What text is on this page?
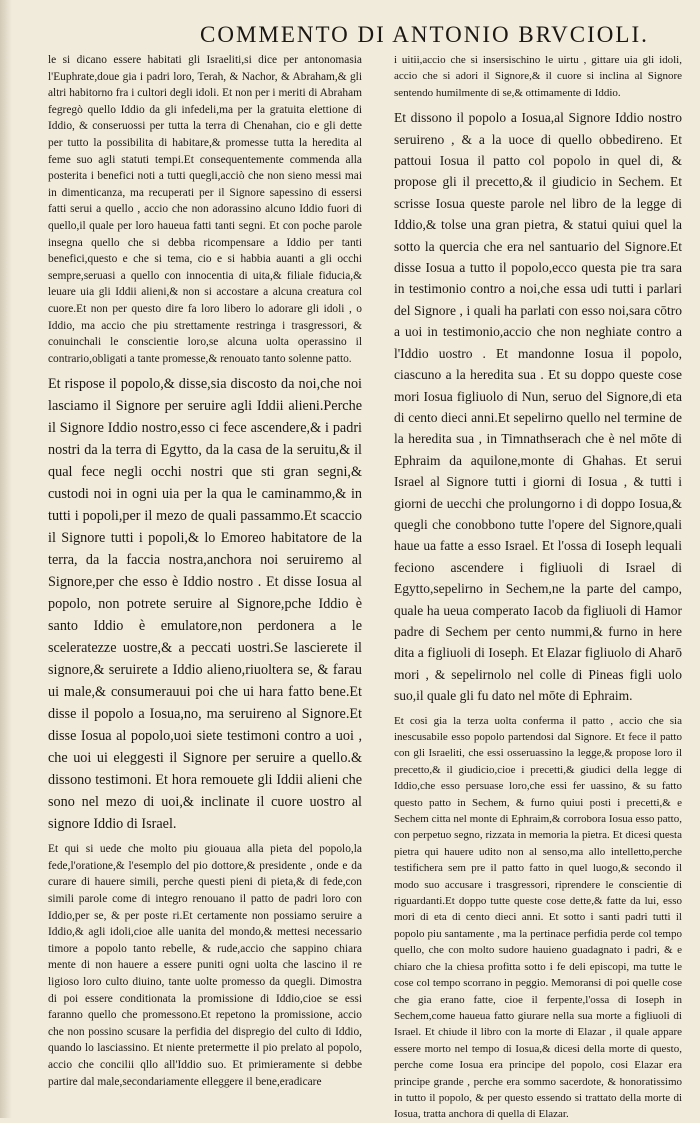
COMMENTO DI ANTONIO BRVCIOLI.

le si dicano essere habitati gli Israeliti,si dice per antonomasia l'Euphrate,doue gia i padri loro, Terah, & Nachor, & Abraham,& gli altri habitorno fra i cultori degli idoli. Et non per i meriti di Abraham fegregò quello Iddio da gli infedeli,ma per la gratuita elettione di Iddio, & conseruossi per tutta la terra di Chenahan, cio e gli dette per tutto la possibilita di habitare,& promesse tutta la heredita al feme suo agli statuti tempi.Et consequentemente commenda alla posterita i benefici noti a tutti quegli,acciò che non sieno messi mai in dimenticanza, ma recuperati per il Signore sapessino di essersi fatti serui a quello , accio che non adorassino alcuno Iddio fuori di quello,il quale per loro haueua fatti tanti segni. Et con poche parole insegna quello che si debba ricompensare a Iddio per tanti benefici,questo e che si tema, cio e si habbia auanti a gli occhi sempre,seruasi a quello con innocentia di uita,& filiale fiducia,& leuare uia gli Iddii alieni,& non si accostare a alcuna creatura col cuore.Et non per questo dire fa loro libero lo adorare gli idoli , o Iddio, ma accio che piu strettamente restringa i trasgressori, & conuinchali le conscientie loro,se alcuna uolta operassino il contrario,obligati a tante promesse,& renouato tanto solenne patto.

Et rispose il popolo,& disse,sia discosto da noi,che noi lasciamo il Signore per seruire agli Iddii alieni.Perche il Signore Iddio nostro,esso ci fece ascendere,& i padri nostri da la terra di Egytto, da la casa de la seruitu,& il qual fece negli occhi nostri que sti gran segni,& custodi noi in ogni uia per la qua le caminammo,& in tutti i popoli,per il mezo de quali passammo.Et scaccio il Signore tutti i popoli,& lo Emoreo habitatore de la terra, da la faccia nostra,anchora noi seruiremo al Signore,per che esso è Iddio nostro . Et disse Iosua al popolo, non potrete seruire al Signore,pche Iddio è santo Iddio è emulatore,non perdonera a le sceleratezze uostre,& a peccati uostri.Se lascierete il signore,& seruirete a Iddio alieno,riuoltera se, & farau ui male,& consumerauui poi che ui hara fatto bene.Et disse il popolo a Iosua,no, ma seruireno al Signore.Et disse Iosua al popolo,uoi siete testimoni contro a uoi , che uoi ui eleggesti il Signore per seruire a quello.& dissono testimoni. Et hora remouete gli Iddii alieni che sono nel mezo di uoi,& inclinate il cuore uostro al signore Iddio di Israel.

Et qui si uede che molto piu giouaua alla pieta del popolo,la fede,l'oratione,& l'esemplo del pio dottore,& presidente , onde e da curare di hauere simili, perche questi pieni di pieta,& di fede,con simili parole come di integro renouano il patto de padri loro con Iddio,per se, & per poste ri.Et certamente non possiamo seruire a Iddio,& agli idoli,cioe alle uanita del mondo,& mettesi necessario timore a popolo tanto rebelle, & rude,accio che sappino chiara mente di non hauere a essere puniti ogni uolta che lascino il re ligioso loro culto diuino, tante uolte promesso da quegli. Dimostra di poi essere conditionata la promissione di Iddio,cioe se essi faranno quello che promessono.Et repetono la promissione, accio che non possino scusare la perfidia del dispregio del culto di Iddio, quando lo lasciassino. Et niente pretermette il pio prelato al popolo, accio che concilii qllo all'Iddio suo. Et primieramente si debbe partire dal male,secondariamente elleggere il bene,eradicare

i uitii,accio che si insersischino le uirtu , gittare uia gli idoli, accio che si adori il Signore,& il cuore si inclina al Signore sentendo humilmente di se,& ottimamente di Iddio.

Et dissono il popolo a Iosua,al Signore Iddio nostro seruireno , & a la uoce di quello obbedireno. Et pattoui Iosua il patto col popolo in quel di, & propose gli il precetto,& il giudicio in Sechem. Et scrisse Iosua queste parole nel libro de la legge di Iddio,& tolse una gran pietra, & statui quiui quel la sotto la quercia che era nel santuario del Signore.Et disse Iosua a tutto il popolo,ecco questa pie tra sara in testimonio contro a noi,che essa udi tutti i parlari del Signore , i quali ha parlati con esso noi,sara cōtro a uoi in testimonio,accio che non neghiate contro a l'Iddio uostro . Et mandonne Iosua il popolo, ciascuno a la heredita sua . Et su doppo queste cose mori Iosua figliuolo di Nun, seruo del Signore,di eta di cento dieci anni.Et sepelirno quello nel termine de la heredita sua , in Timnathserach che è nel mōte di Ephraim da aquilone,monte di Ghahas. Et serui Israel al Signore tutti i giorni di Iosua , & tutti i giorni de uecchi che prolungorno i di doppo Iosua,& quegli che conobbono tutte l'opere del Signore,quali haue ua fatte a esso Israel. Et l'ossa di Ioseph lequali feciono ascendere i figliuoli di Israel di Egytto,sepelirno in Sechem,ne la parte del campo, quale ha ueua comperato Iacob da figliuoli di Hamor padre di Sechem per cento nummi,& furno in here dita a figliuoli di Ioseph. Et Elazar figliuolo di Aharō mori , & sepelirnolo nel colle di Pineas figli uolo suo,il quale gli fu dato nel mōte di Ephraim.

Et cosi gia la terza uolta conferma il patto , accio che sia inescusabile esso popolo partendosi dal Signore. Et fece il patto con gli Israeliti, che essi osseruassino la legge,& propose loro il precetto,& il giudicio,cioe i precetti,& giudici della legge di Iddio,che esso persuase loro,che essi fer uassino, & su fatto questo patto in Sechem, & furno quiui posti i precetti,& e Sechem citta nel monte di Ephraim,& corrobora Iosua esso patto, con perpetuo segno, rizzata in memoria la pietra. Et dicesi questa pietra qui hauere udito non al senso,ma allo intelletto,perche testifichera sem pre il patto fatto in quel luogo,& secondo il modo suo accusare i trasgressori, riprendere le conscientie di riguardanti.Et doppo tutte queste cose dette,& fatte da lui, esso mori di eta di cento dieci anni. Et sotto i santi padri tutti il popolo piu santamente , ma la pertinace perfidia perde col tempo quello, che con molto sudore hauieno guadagnato i padri, & e chiaro che la chiesa profitta sotto i fe deli episcopi, ma tutte le cose col tempo scorrano in peggio. Memoransi di poi quelle cose che gia erano fatte, cioe il ferpente,l'ossa di Ioseph in Sechem,come haueua fatto giurare nella sua morte a figliuoli di Israel. Et chiude il libro con la morte di Elazar , il quale appare essere morto nel tempo di Iosua,& dicesi della morte di questo, perche come Iosua era principe del popolo, cosi Elazar era principe grande , perche era sommo sacerdote, & honoratissimo in tutto il popolo, & per questo essendo si trattato della morte di Iosua, tratta anchora di quella di Elazar.
